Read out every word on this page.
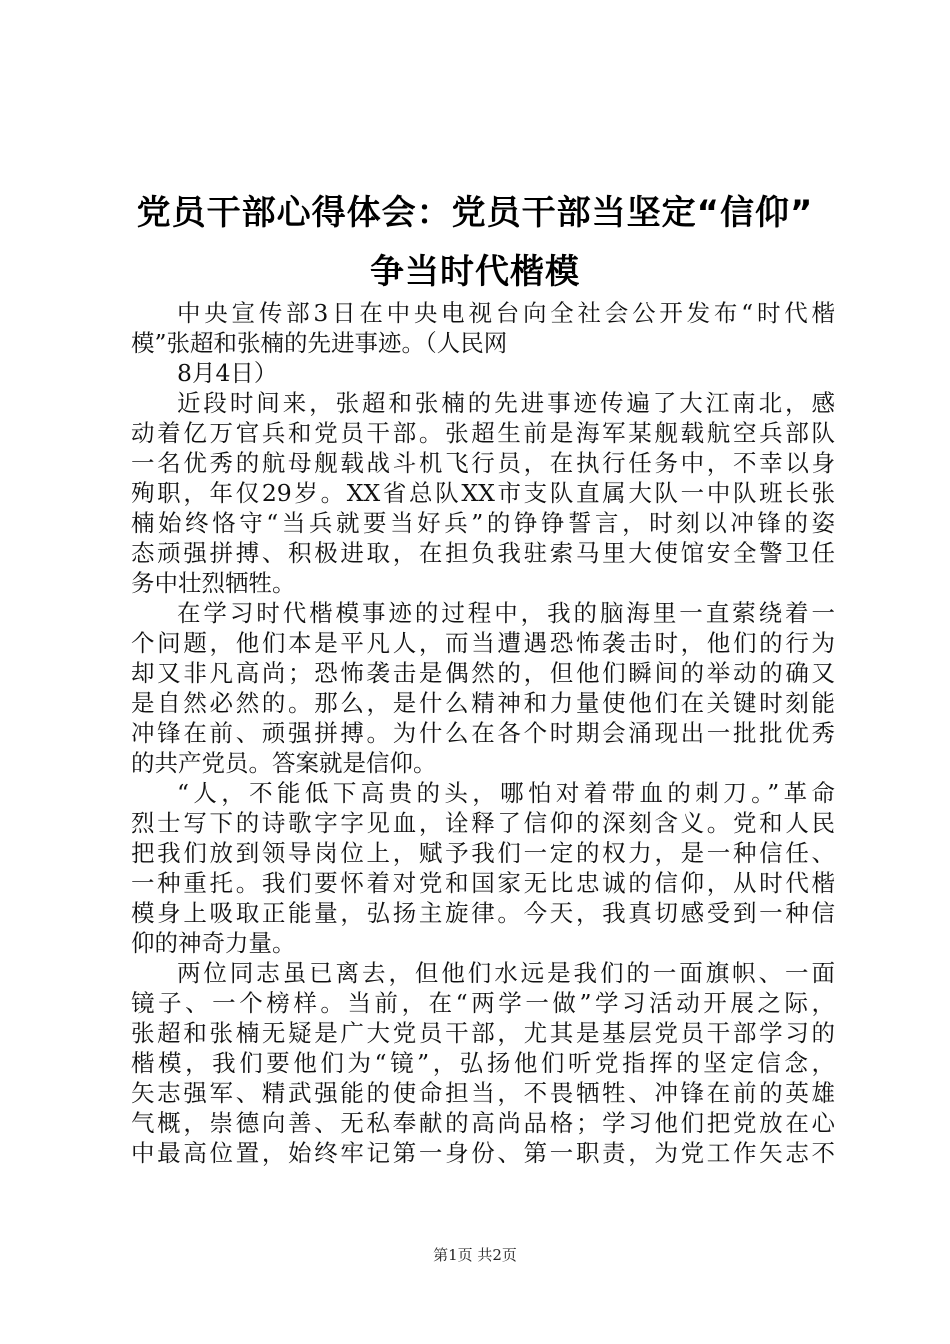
党员干部心得体会：党员干部当坚定“信仰”
争当时代楷模
中央宣传部3日在中央电视台向全社会公开发布“时代楷
模”张超和张楠的先进事迹。（人民网
8月4日）
近段时间来，张超和张楠的先进事迹传遍了大江南北，感
动着亿万官兵和党员干部。张超生前是海军某舰载航空兵部队
一名优秀的航母舰载战斗机飞行员，在执行任务中，不幸以身
殉职，年仅29岁。XX省总队XX市支队直属大队一中队班长张
楠始终恪守“当兵就要当好兵”的铮铮誓言，时刻以冲锋的姿
态顽强拼搏、积极进取，在担负我驻索马里大使馆安全警卫任
务中壮烈牺牲。
在学习时代楷模事迹的过程中，我的脑海里一直萦绕着一
个问题，他们本是平凡人，而当遭遇恐怖袭击时，他们的行为
却又非凡高尚；恐怖袭击是偶然的，但他们瞬间的举动的确又
是自然必然的。那么，是什么精神和力量使他们在关键时刻能
冲锋在前、顽强拼搏。为什么在各个时期会涌现出一批批优秀
的共产党员。答案就是信仰。
“人，不能低下高贵的头，哪怕对着带血的刺刀。”革命
烈士写下的诗歌字字见血，诠释了信仰的深刻含义。党和人民
把我们放到领导岗位上，赋予我们一定的权力，是一种信任、
一种重托。我们要怀着对党和国家无比忠诚的信仰，从时代楷
模身上吸取正能量，弘扬主旋律。今天，我真切感受到一种信
仰的神奇力量。
两位同志虽已离去，但他们水远是我们的一面旗帜、一面
镜子、一个榜样。当前，在“两学一做”学习活动开展之际，
张超和张楠无疑是广大党员干部，尤其是基层党员干部学习的
楷模，我们要他们为“镜”，弘扬他们听党指挥的坚定信念，
矢志强军、精武强能的使命担当，不畏牺牲、冲锋在前的英雄
气概，崇德向善、无私奉献的高尚品格；学习他们把党放在心
中最高位置，始终牢记第一身份、第一职责，为党工作矢志不
第1页 共2页
